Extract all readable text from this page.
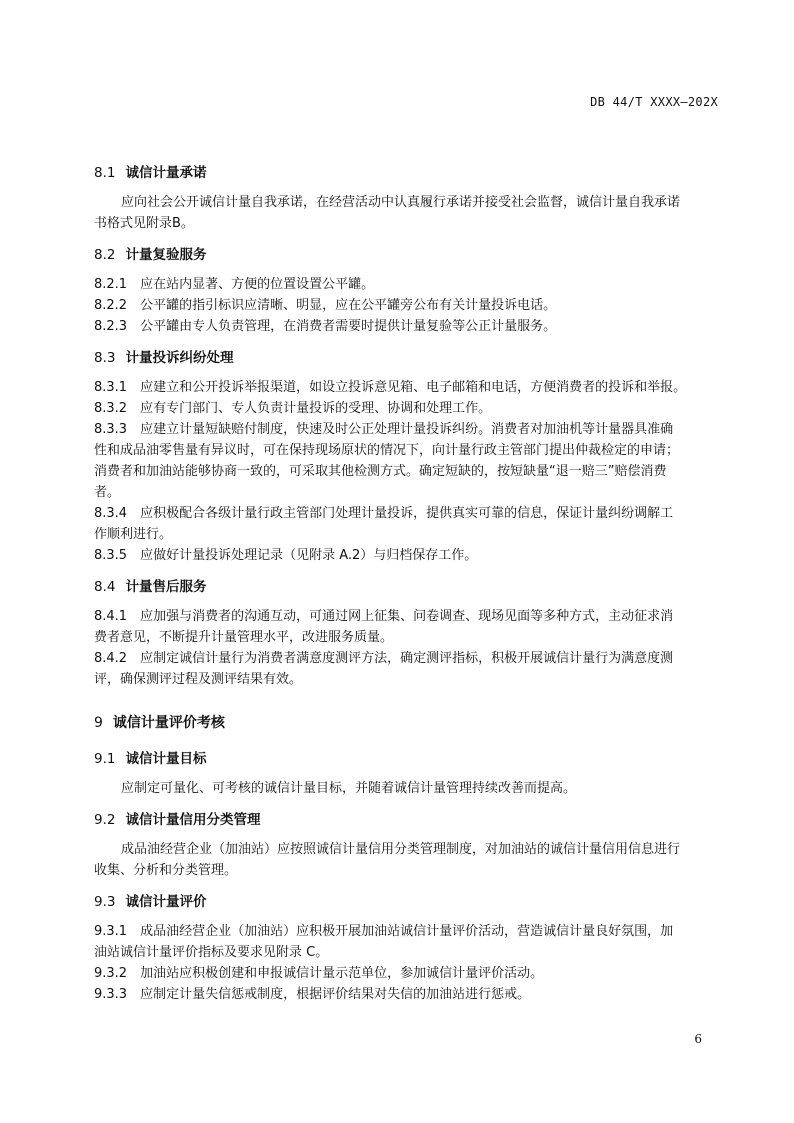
DB 44/T XXXX—202X
8.1 诚信计量承诺
应向社会公开诚信计量自我承诺，在经营活动中认真履行承诺并接受社会监督，诚信计量自我承诺
书格式见附录B。
8.2 计量复验服务
8.2.1　应在站内显著、方便的位置设置公平罐。
8.2.2　公平罐的指引标识应清晰、明显，应在公平罐旁公布有关计量投诉电话。
8.2.3　公平罐由专人负责管理，在消费者需要时提供计量复验等公正计量服务。
8.3 计量投诉纠纷处理
8.3.1　应建立和公开投诉举报渠道，如设立投诉意见箱、电子邮箱和电话，方便消费者的投诉和举报。
8.3.2　应有专门部门、专人负责计量投诉的受理、协调和处理工作。
8.3.3　应建立计量短缺赔付制度，快速及时公正处理计量投诉纠纷。消费者对加油机等计量器具准确
性和成品油零售量有异议时，可在保持现场原状的情况下，向计量行政主管部门提出仲裁检定的申请；
消费者和加油站能够协商一致的，可采取其他检测方式。确定短缺的，按短缺量“退一赔三”赔偿消费
者。
8.3.4　应积极配合各级计量行政主管部门处理计量投诉，提供真实可靠的信息，保证计量纠纷调解工
作顺利进行。
8.3.5　应做好计量投诉处理记录（见附录 A.2）与归档保存工作。
8.4 计量售后服务
8.4.1　应加强与消费者的沟通互动，可通过网上征集、问卷调查、现场见面等多种方式，主动征求消
费者意见，不断提升计量管理水平，改进服务质量。
8.4.2　应制定诚信计量行为消费者满意度测评方法，确定测评指标，积极开展诚信计量行为满意度测
评，确保测评过程及测评结果有效。
9 诚信计量评价考核
9.1 诚信计量目标
应制定可量化、可考核的诚信计量目标，并随着诚信计量管理持续改善而提高。
9.2 诚信计量信用分类管理
成品油经营企业（加油站）应按照诚信计量信用分类管理制度，对加油站的诚信计量信用信息进行
收集、分析和分类管理。
9.3 诚信计量评价
9.3.1　成品油经营企业（加油站）应积极开展加油站诚信计量评价活动，营造诚信计量良好氛围，加
油站诚信计量评价指标及要求见附录 C。
9.3.2　加油站应积极创建和申报诚信计量示范单位，参加诚信计量评价活动。
9.3.3　应制定计量失信惩戒制度，根据评价结果对失信的加油站进行惩戒。
6
